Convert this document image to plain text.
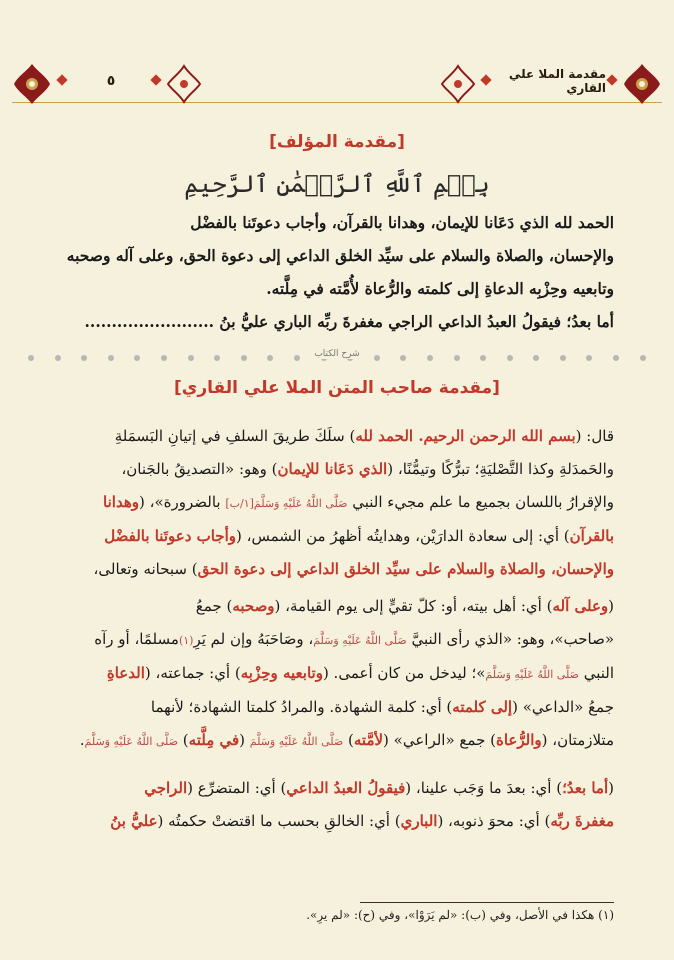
مقدمة الملا علي القاري
٥
[مقدمة المؤلف]
بِسۡمِ ٱللَّهِ ٱلرَّحۡمَٰنِ ٱلرَّحِيمِ
الحمد لله الذي دَعَانا للإيمان، وهدانا بالقرآن، وأجاب دعوتَنا بالفضْل
والإحسان، والصلاة والسلام على سيِّد الخلق الداعي إلى دعوة الحق، وعلى آله وصحبه
وتابعيه وحِزْبِه الدعاةِ إلى كلمته والرُّعاة لأُمَّته في مِلَّته.
أما بعدُ؛ فيقولُ العبدُ الداعي الراجي مغفرةَ ربِّه الباري عليُّ بنُ ........................
شرح الكتاب
[مقدمة صاحب المتن الملا علي القاري]
قال: (بسم الله الرحمن الرحيم. الحمد لله) سلَكَ طريقَ السلفِ في إتيانِ البَسمَلةِ
والحَمدَلةِ وكذا التَّصْليَةِ؛ تبرُّكًا وتيمُّنًا، (الذي دَعَانا للإيمان) وهو: «التصديقُ بالجَنان،
والإقرارُ باللسان بجميع ما علم مجيء النبي صَلَّى اللَّهُ عَلَيْهِ وَسَلَّمَ[١/ب] بالضرورة»، (وهدانا
بالقرآن) أي: إلى سعادة الدارَيْن، وهدايتُه أظهرُ من الشمس، (وأجاب دعوتَنا بالفضْل
والإحسان، والصلاة والسلام على سيِّد الخلق الداعي إلى دعوة الحق) سبحانه وتعالى،
(وعلى آله) أي: أهل بيته، أو: كلّ تقيٍّ إلى يوم القيامة، (وصحبه) جمعُ
«صاحب»، وهو: «الذي رأى النبيَّ صَلَّى اللَّهُ عَلَيْهِ وَسَلَّمَ، وصَاحَبَهُ وإن لم يَرِ(١)مسلمًا، أو رآه
النبي صَلَّى اللَّهُ عَلَيْهِ وَسَلَّمَ»؛ ليدخل من كان أعمى. (وتابعيه وحِزْبِه) أي: جماعته، (الدعاةِ
جمعُ «الداعي» (إلى كلمته) أي: كلمة الشهادة. والمرادُ كلمتا الشهادة؛ لأنهما
متلازمتان، (والرُّعاة) جمع «الراعي» (لأمَّته) صَلَّى اللَّهُ عَلَيْهِ وَسَلَّمَ (في مِلَّته) صَلَّى اللَّهُ عَلَيْهِ وَسَلَّمَ.
(أما بعدُ؛) أي: بعدَ ما وَجَب علينا، (فيقولُ العبدُ الداعي) أي: المتضرِّع (الراجي
مغفرةَ ربِّه) أي: محوَ ذنوبه، (الباري) أي: الخالقِ بحسب ما اقتضتْ حكمتُه (عليُّ بنُ
(١) هكذا في الأصل، وفي (ب): «لم يَرَوْا»، وفي (ح): «لم يرِ».
